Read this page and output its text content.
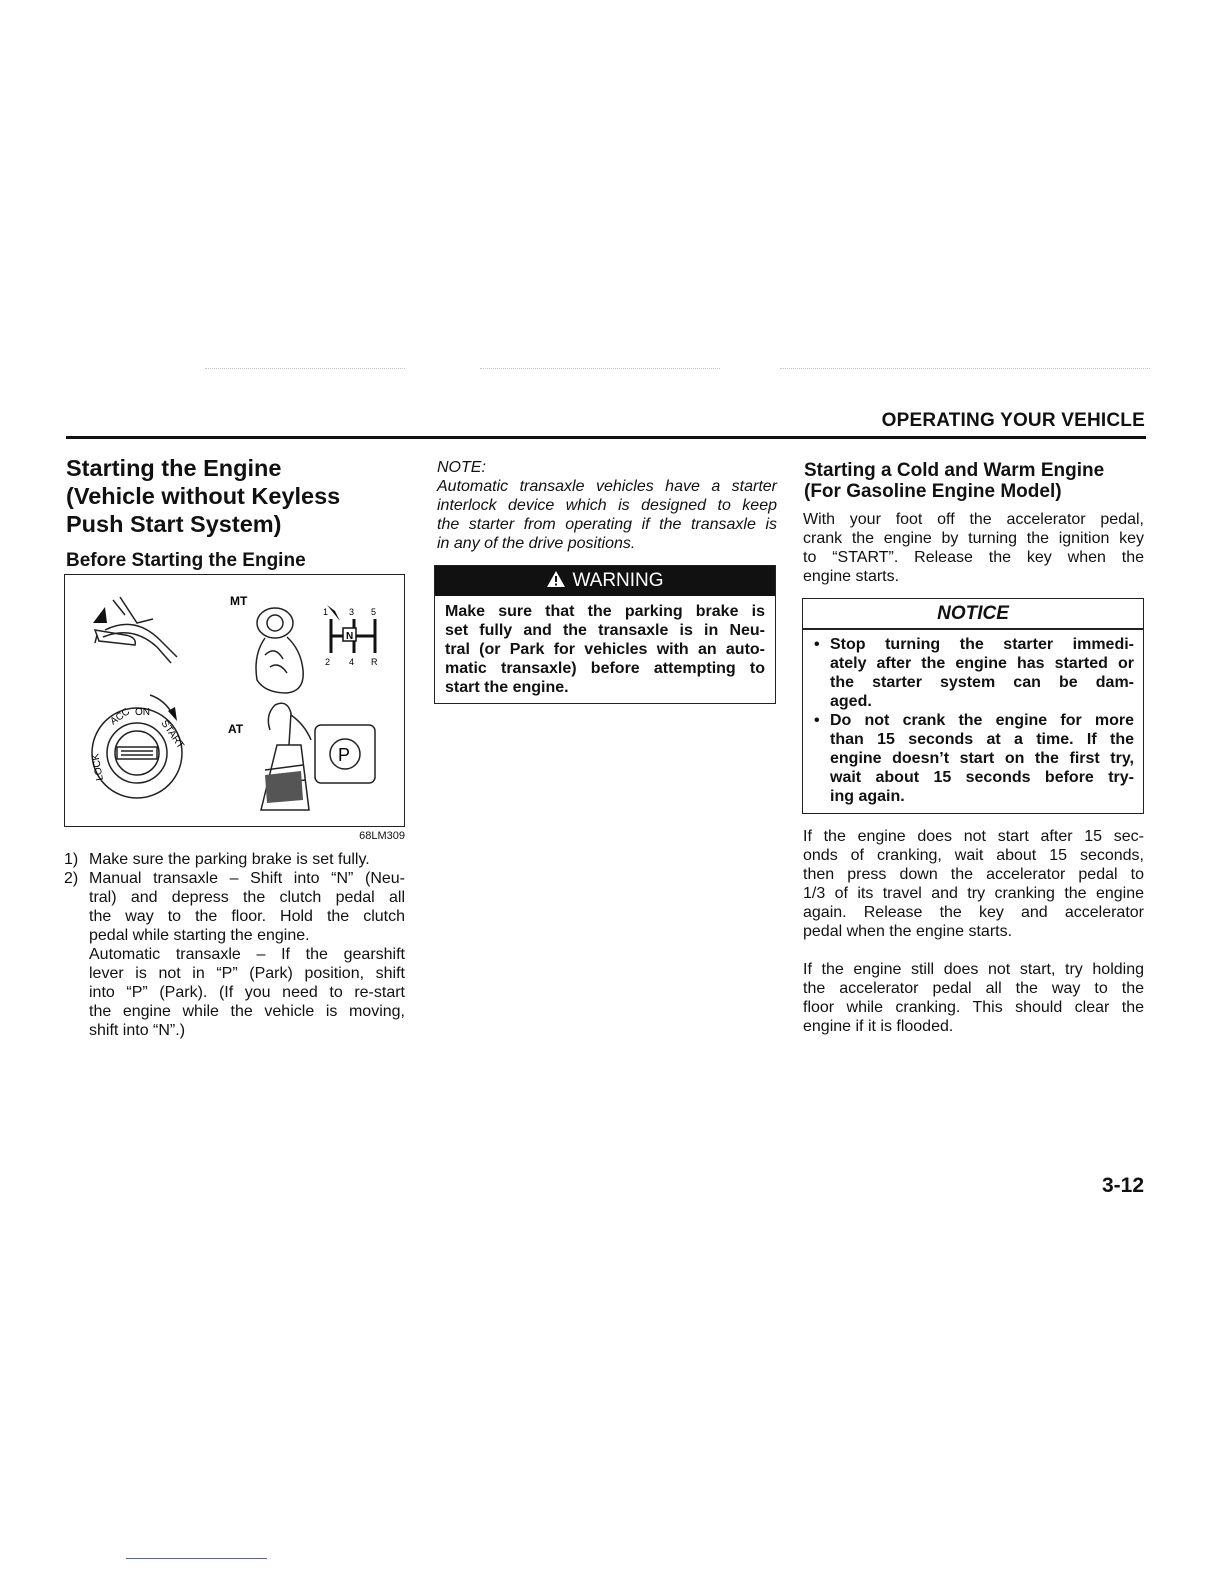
OPERATING YOUR VEHICLE
Starting the Engine
(Vehicle without Keyless
Push Start System)
Before Starting the Engine
N
1 3 5
2 4 R
MT
ACC ON
START
LOCK
AT
P
68LM309
1) Make sure the parking brake is set fully.
2) Manual transaxle – Shift into “N” (Neu-
tral) and depress the clutch pedal all
the way to the floor. Hold the clutch
pedal while starting the engine.
Automatic transaxle – If the gearshift
lever is not in “P” (Park) position, shift
into “P” (Park). (If you need to re-start
the engine while the vehicle is moving,
shift into “N”.)
NOTE:
Automatic transaxle vehicles have a starter
interlock device which is designed to keep
the starter from operating if the transaxle is
in any of the drive positions.
WARNING
Make sure that the parking brake is
set fully and the transaxle is in Neu-
tral (or Park for vehicles with an auto-
matic transaxle) before attempting to
start the engine.
Starting a Cold and Warm Engine
(For Gasoline Engine Model)
With your foot off the accelerator pedal,
crank the engine by turning the ignition key
to “START”. Release the key when the
engine starts.
NOTICE
• Stop turning the starter immedi-
ately after the engine has started or
the starter system can be dam-
aged.
• Do not crank the engine for more
than 15 seconds at a time. If the
engine doesn’t start on the first try,
wait about 15 seconds before try-
ing again.
If the engine does not start after 15 sec-
onds of cranking, wait about 15 seconds,
then press down the accelerator pedal to
1/3 of its travel and try cranking the engine
again. Release the key and accelerator
pedal when the engine starts.
If the engine still does not start, try holding
the accelerator pedal all the way to the
floor while cranking. This should clear the
engine if it is flooded.
3-12
